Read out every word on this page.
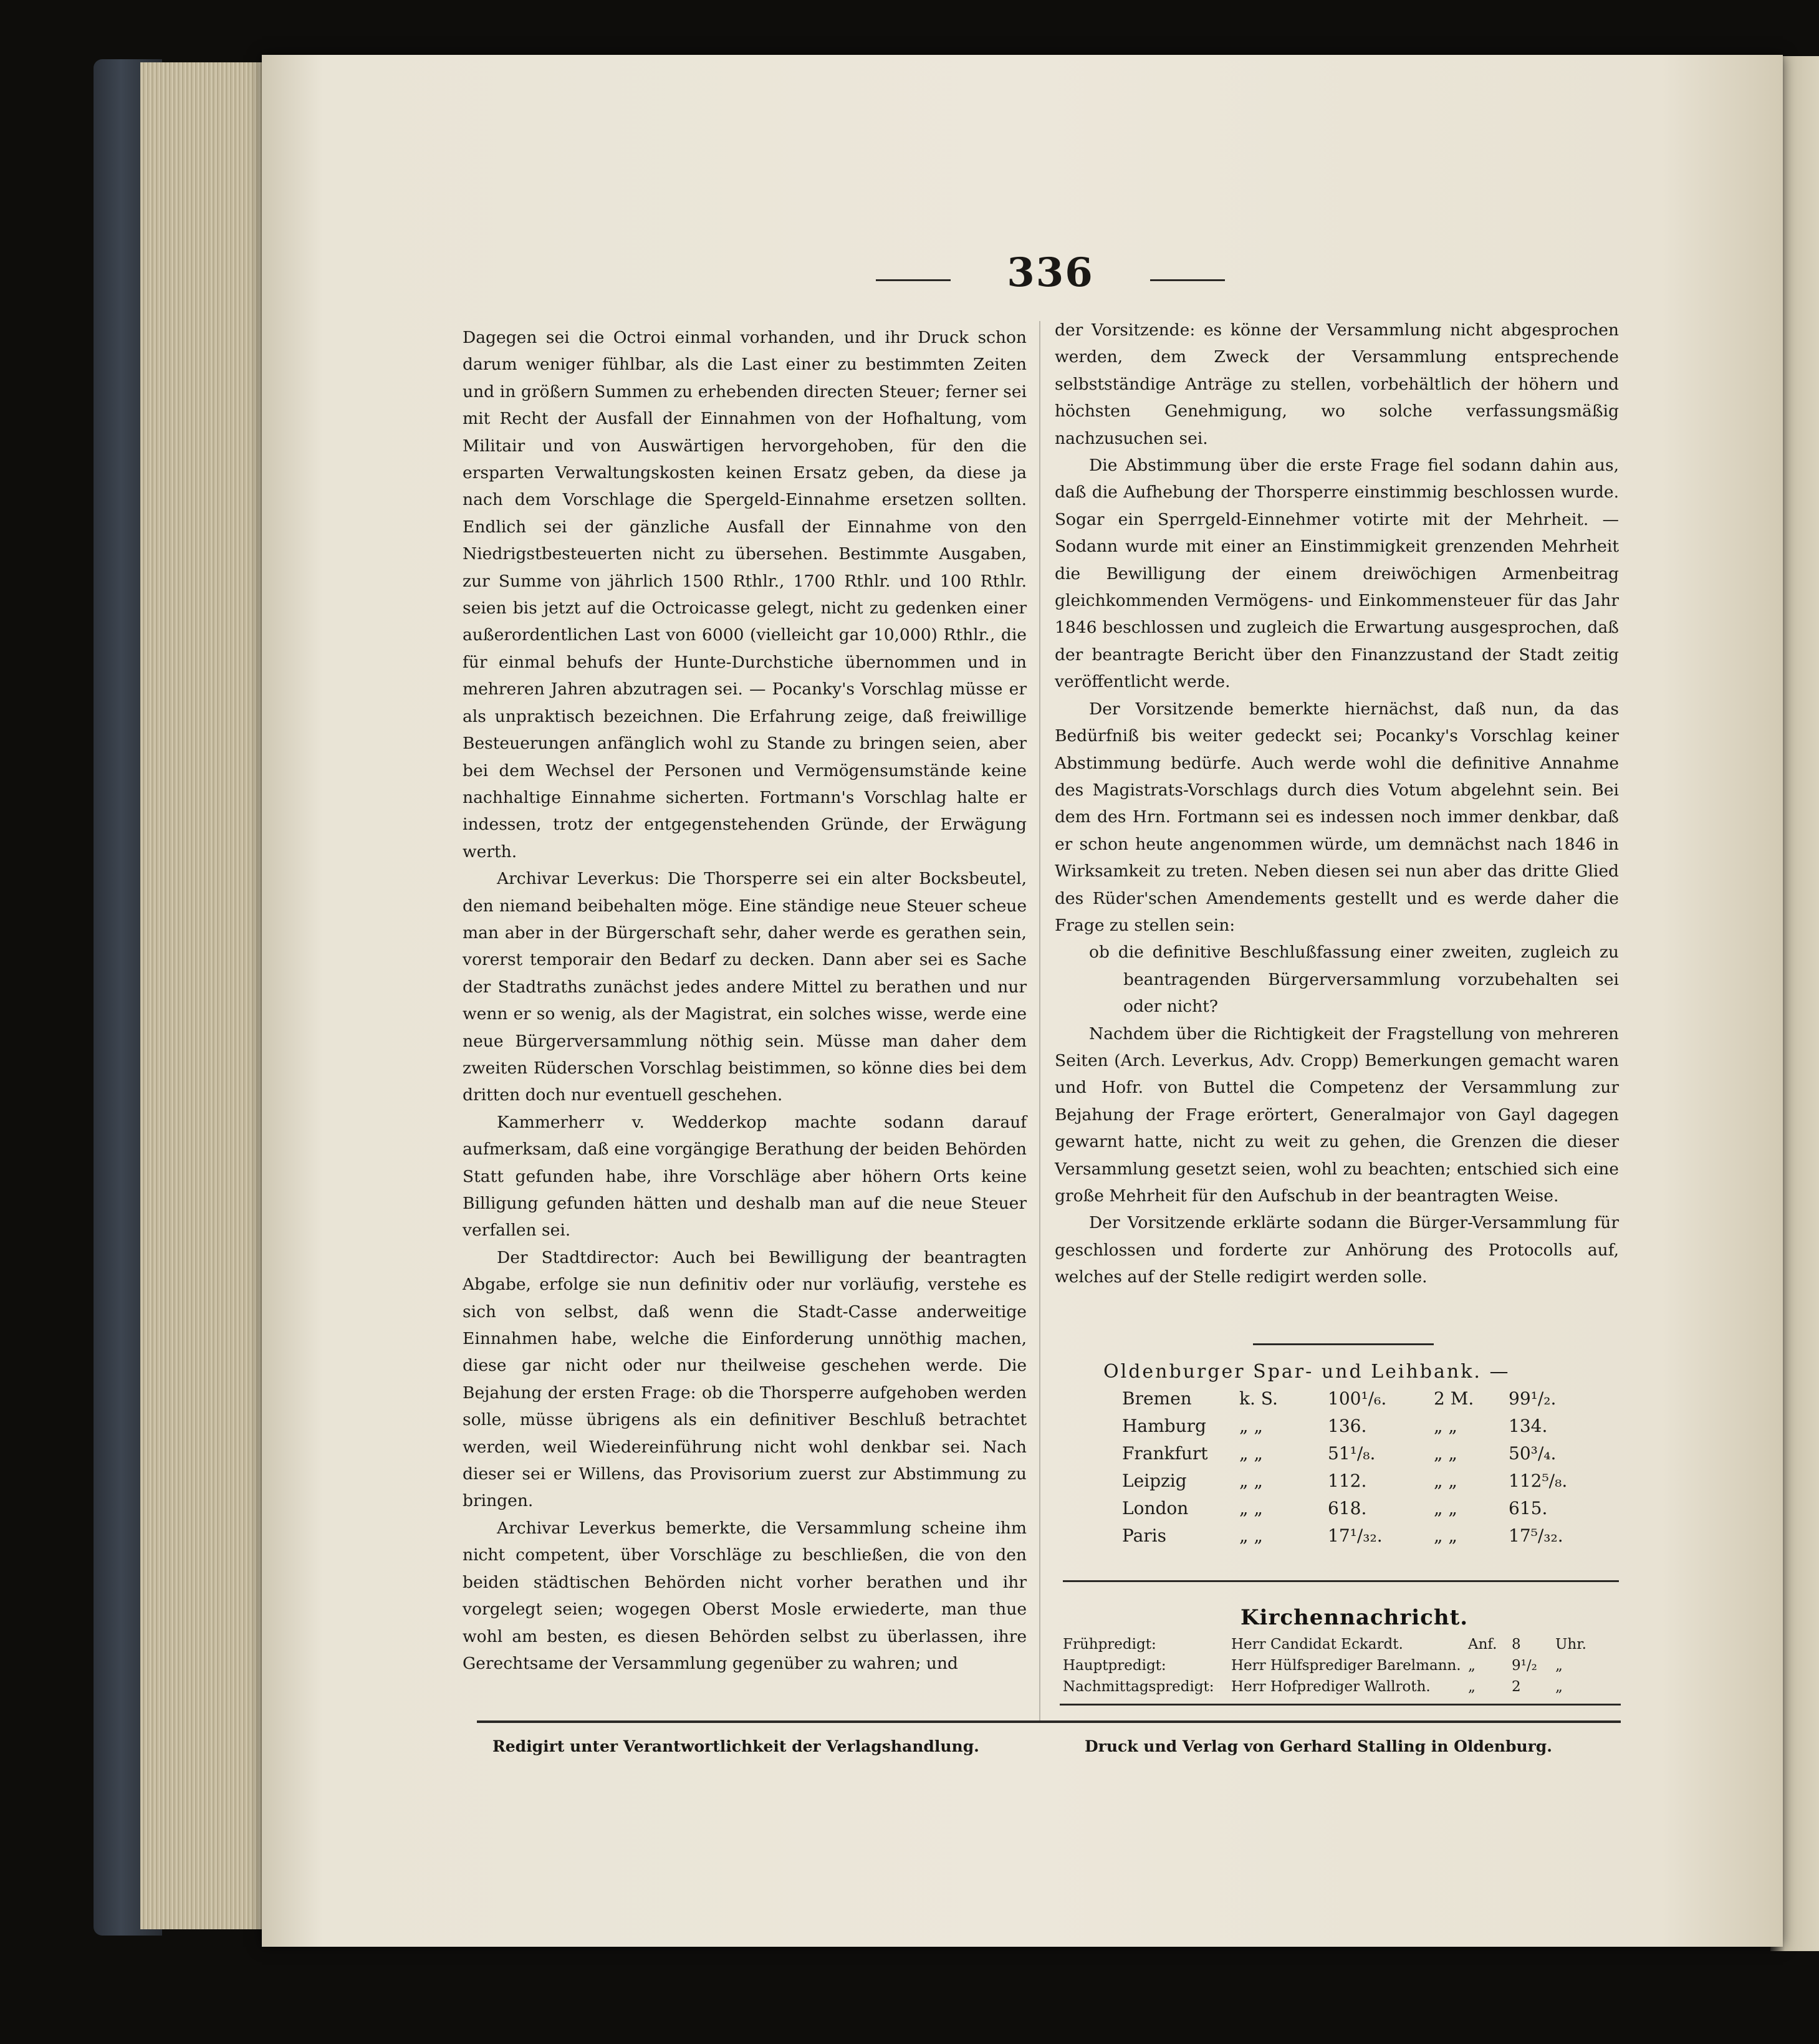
336

Dagegen sei die Octroi einmal vorhanden, und ihr Druck schon darum weniger fühlbar, als die Last einer zu bestimmten Zeiten und in größern Summen zu erhebenden directen Steuer; ferner sei mit Recht der Ausfall der Einnahmen von der Hofhaltung, vom Militair und von Auswärtigen hervorgehoben, für den die ersparten Verwaltungskosten keinen Ersatz geben, da diese ja nach dem Vorschlage die Spergeld-Einnahme ersetzen sollten. Endlich sei der gänzliche Ausfall der Einnahme von den Niedrigstbesteuerten nicht zu übersehen. Bestimmte Ausgaben, zur Summe von jährlich 1500 Rthlr., 1700 Rthlr. und 100 Rthlr. seien bis jetzt auf die Octroicasse gelegt, nicht zu gedenken einer außerordentlichen Last von 6000 (vielleicht gar 10,000) Rthlr., die für einmal behufs der Hunte-Durchstiche übernommen und in mehreren Jahren abzutragen sei. — Pocanky's Vorschlag müsse er als unpraktisch bezeichnen. Die Erfahrung zeige, daß freiwillige Besteuerungen anfänglich wohl zu Stande zu bringen seien, aber bei dem Wechsel der Personen und Vermögensumstände keine nachhaltige Einnahme sicherten. Fortmann's Vorschlag halte er indessen, trotz der entgegenstehenden Gründe, der Erwägung werth.

Archivar Leverkus: Die Thorsperre sei ein alter Bocksbeutel, den niemand beibehalten möge. Eine ständige neue Steuer scheue man aber in der Bürgerschaft sehr, daher werde es gerathen sein, vorerst temporair den Bedarf zu decken. Dann aber sei es Sache der Stadtraths zunächst jedes andere Mittel zu berathen und nur wenn er so wenig, als der Magistrat, ein solches wisse, werde eine neue Bürgerversammlung nöthig sein. Müsse man daher dem zweiten Rüderschen Vorschlag beistimmen, so könne dies bei dem dritten doch nur eventuell geschehen.

Kammerherr v. Wedderkop machte sodann darauf aufmerksam, daß eine vorgängige Berathung der beiden Behörden Statt gefunden habe, ihre Vorschläge aber höhern Orts keine Billigung gefunden hätten und deshalb man auf die neue Steuer verfallen sei.

Der Stadtdirector: Auch bei Bewilligung der beantragten Abgabe, erfolge sie nun definitiv oder nur vorläufig, verstehe es sich von selbst, daß wenn die Stadt-Casse anderweitige Einnahmen habe, welche die Einforderung unnöthig machen, diese gar nicht oder nur theilweise geschehen werde. Die Bejahung der ersten Frage: ob die Thorsperre aufgehoben werden solle, müsse übrigens als ein definitiver Beschluß betrachtet werden, weil Wiedereinführung nicht wohl denkbar sei. Nach dieser sei er Willens, das Provisorium zuerst zur Abstimmung zu bringen.

Archivar Leverkus bemerkte, die Versammlung scheine ihm nicht competent, über Vorschläge zu beschließen, die von den beiden städtischen Behörden nicht vorher berathen und ihr vorgelegt seien; wogegen Oberst Mosle erwiederte, man thue wohl am besten, es diesen Behörden selbst zu überlassen, ihre Gerechtsame der Versammlung gegenüber zu wahren; und

der Vorsitzende: es könne der Versammlung nicht abgesprochen werden, dem Zweck der Versammlung entsprechende selbstständige Anträge zu stellen, vorbehältlich der höhern und höchsten Genehmigung, wo solche verfassungsmäßig nachzusuchen sei.

Die Abstimmung über die erste Frage fiel sodann dahin aus, daß die Aufhebung der Thorsperre einstimmig beschlossen wurde. Sogar ein Sperrgeld-Einnehmer votirte mit der Mehrheit. — Sodann wurde mit einer an Einstimmigkeit grenzenden Mehrheit die Bewilligung der einem dreiwöchigen Armenbeitrag gleichkommenden Vermögens- und Einkommensteuer für das Jahr 1846 beschlossen und zugleich die Erwartung ausgesprochen, daß der beantragte Bericht über den Finanzzustand der Stadt zeitig veröffentlicht werde.

Der Vorsitzende bemerkte hiernächst, daß nun, da das Bedürfniß bis weiter gedeckt sei; Pocanky's Vorschlag keiner Abstimmung bedürfe. Auch werde wohl die definitive Annahme des Magistrats-Vorschlags durch dies Votum abgelehnt sein. Bei dem des Hrn. Fortmann sei es indessen noch immer denkbar, daß er schon heute angenommen würde, um demnächst nach 1846 in Wirksamkeit zu treten. Neben diesen sei nun aber das dritte Glied des Rüder'schen Amendements gestellt und es werde daher die Frage zu stellen sein:

ob die definitive Beschlußfassung einer zweiten, zugleich zu beantragenden Bürgerversammlung vorzubehalten sei oder nicht?

Nachdem über die Richtigkeit der Fragstellung von mehreren Seiten (Arch. Leverkus, Adv. Cropp) Bemerkungen gemacht waren und Hofr. von Buttel die Competenz der Versammlung zur Bejahung der Frage erörtert, Generalmajor von Gayl dagegen gewarnt hatte, nicht zu weit zu gehen, die Grenzen die dieser Versammlung gesetzt seien, wohl zu beachten; entschied sich eine große Mehrheit für den Aufschub in der beantragten Weise.

Der Vorsitzende erklärte sodann die Bürger-Versammlung für geschlossen und forderte zur Anhörung des Protocolls auf, welches auf der Stelle redigirt werden solle.

Oldenburger Spar- und Leihbank. —
Bremen	k. S.	100¹/₆.	2 M. 99¹/₂.
Hamburg „ „	136.	„ „	134.
Frankfurt „ „	51¹/₈.	„ „	50³/₄.
Leipzig	„ „	112.	„ „	112⁵/₈.
London	„ „	618.	„ „	615.
Paris	„ „	17¹/₃₂.	„ „	17⁵/₃₂.
Kirchennachricht.
Frühpredigt:	Herr Candidat Eckardt.	Anf. 8 Uhr.
Hauptpredigt:	Herr Hülfsprediger Barelmann. „	9¹/₂ „
Nachmittagspredigt: Herr Hofprediger Wallroth.	„	2 „
Redigirt unter Verantwortlichkeit der Verlagshandlung.	Druck und Verlag von Gerhard Stalling in Oldenburg.
